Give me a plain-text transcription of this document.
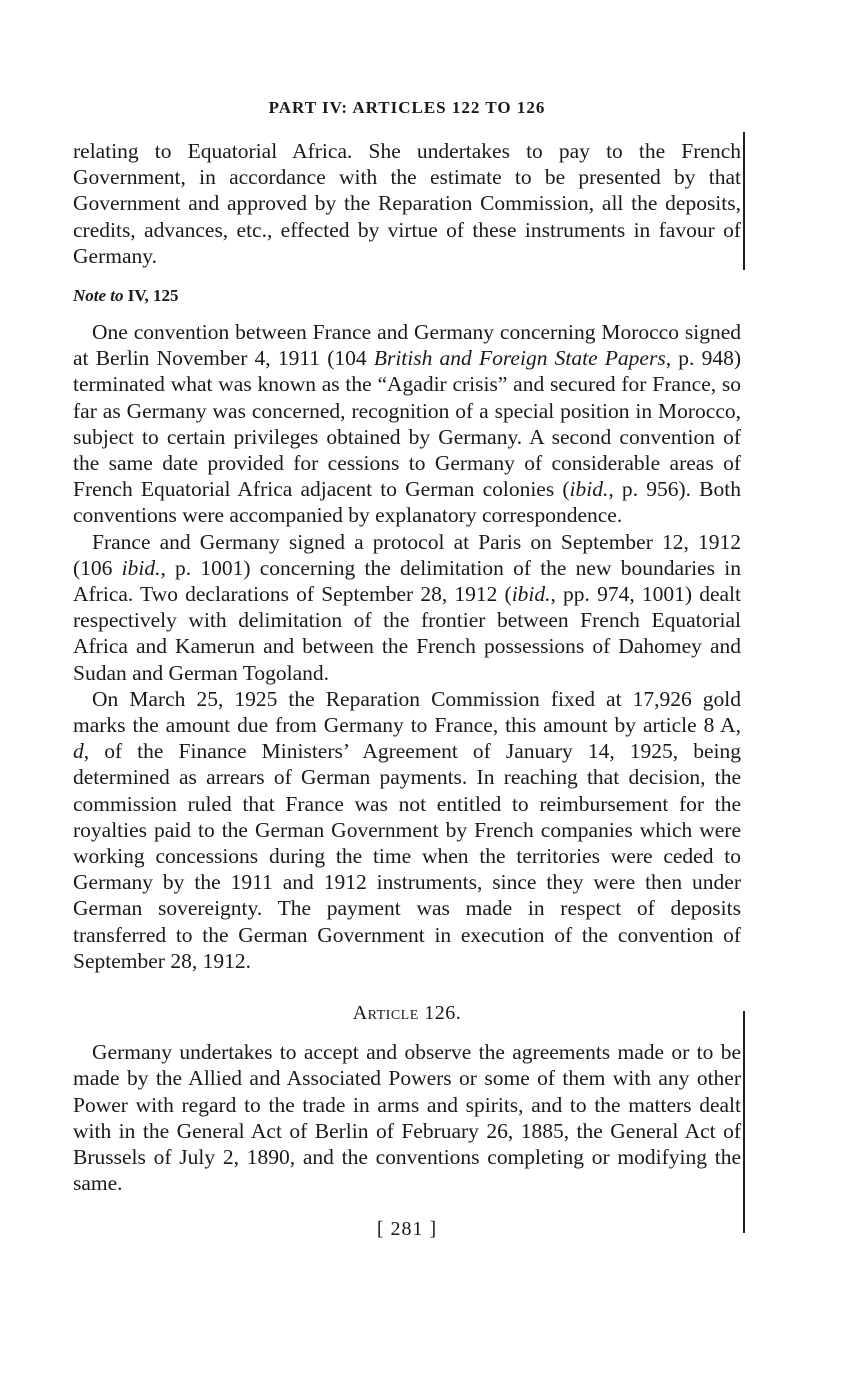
PART IV: ARTICLES 122 TO 126

relating to Equatorial Africa. She undertakes to pay to the French Government, in accordance with the estimate to be presented by that Government and approved by the Reparation Commission, all the deposits, credits, advances, etc., effected by virtue of these instruments in favour of Germany.

Note to IV, 125

One convention between France and Germany concerning Morocco signed at Berlin November 4, 1911 (104 British and Foreign State Papers, p. 948) terminated what was known as the “Agadir crisis” and secured for France, so far as Germany was concerned, recognition of a special position in Morocco, subject to certain privileges obtained by Germany. A second convention of the same date provided for cessions to Germany of considerable areas of French Equatorial Africa adjacent to German colonies (ibid., p. 956). Both conventions were accompanied by explanatory correspondence.

France and Germany signed a protocol at Paris on September 12, 1912 (106 ibid., p. 1001) concerning the delimitation of the new boundaries in Africa. Two declarations of September 28, 1912 (ibid., pp. 974, 1001) dealt respectively with delimitation of the frontier between French Equatorial Africa and Kamerun and between the French possessions of Dahomey and Sudan and German Togoland.

On March 25, 1925 the Reparation Commission fixed at 17,926 gold marks the amount due from Germany to France, this amount by article 8 A, d, of the Finance Ministers’ Agreement of January 14, 1925, being determined as arrears of German payments. In reaching that decision, the commission ruled that France was not entitled to reimbursement for the royalties paid to the German Government by French companies which were working concessions during the time when the territories were ceded to Germany by the 1911 and 1912 instruments, since they were then under German sovereignty. The payment was made in respect of deposits transferred to the German Government in execution of the convention of September 28, 1912.

Article 126.

Germany undertakes to accept and observe the agreements made or to be made by the Allied and Associated Powers or some of them with any other Power with regard to the trade in arms and spirits, and to the matters dealt with in the General Act of Berlin of February 26, 1885, the General Act of Brussels of July 2, 1890, and the conventions completing or modifying the same.

[ 281 ]
